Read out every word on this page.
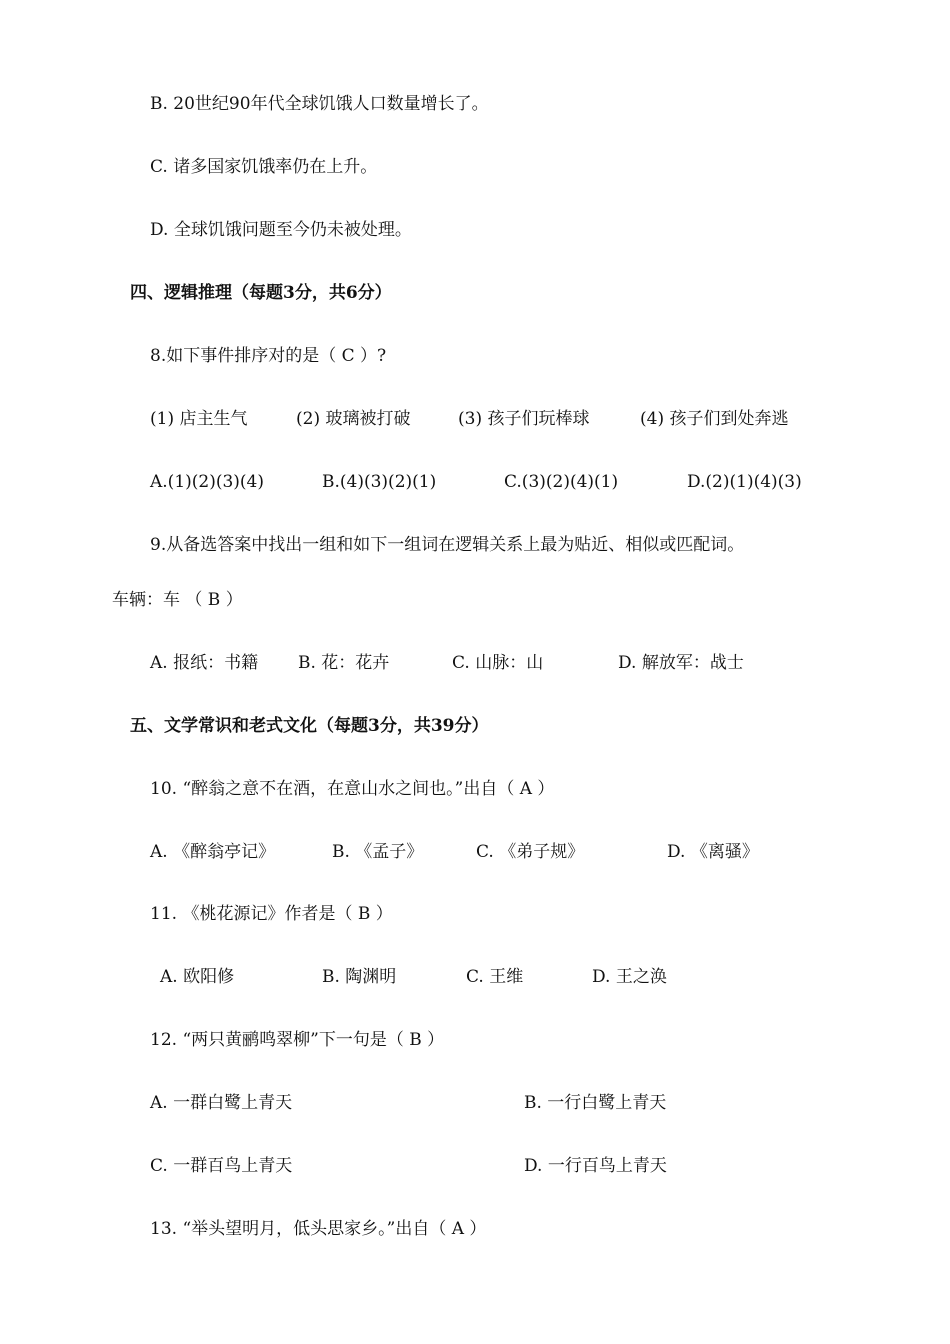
B. 20世纪90年代全球饥饿人口数量增长了。
C. 诸多国家饥饿率仍在上升。
D. 全球饥饿问题至今仍未被处理。
四、逻辑推理（每题3分，共6分）
8.如下事件排序对的是（ C ）?
(1) 店主生气	(2) 玻璃被打破	(3) 孩子们玩棒球	(4) 孩子们到处奔逃
A.(1)(2)(3)(4)	B.(4)(3)(2)(1)	C.(3)(2)(4)(1)	D.(2)(1)(4)(3)
9.从备选答案中找出一组和如下一组词在逻辑关系上最为贴近、相似或匹配词。
车辆：车 （ B ）
A. 报纸：书籍 B. 花：花卉	C. 山脉：山	D. 解放军：战士
五、文学常识和老式文化（每题3分，共39分）
10. “醉翁之意不在酒，在意山水之间也。”出自（ A ）
A. 《醉翁亭记》	B. 《孟子》	C. 《弟子规》	D. 《离骚》
11. 《桃花源记》作者是（ B ）
A. 欧阳修	B. 陶渊明	C. 王维	D. 王之涣
12. “两只黄鹂鸣翠柳”下一句是（ B ）
A. 一群白鹭上青天	B. 一行白鹭上青天
C. 一群百鸟上青天	D. 一行百鸟上青天
13. “举头望明月，低头思家乡。”出自（ A ）
